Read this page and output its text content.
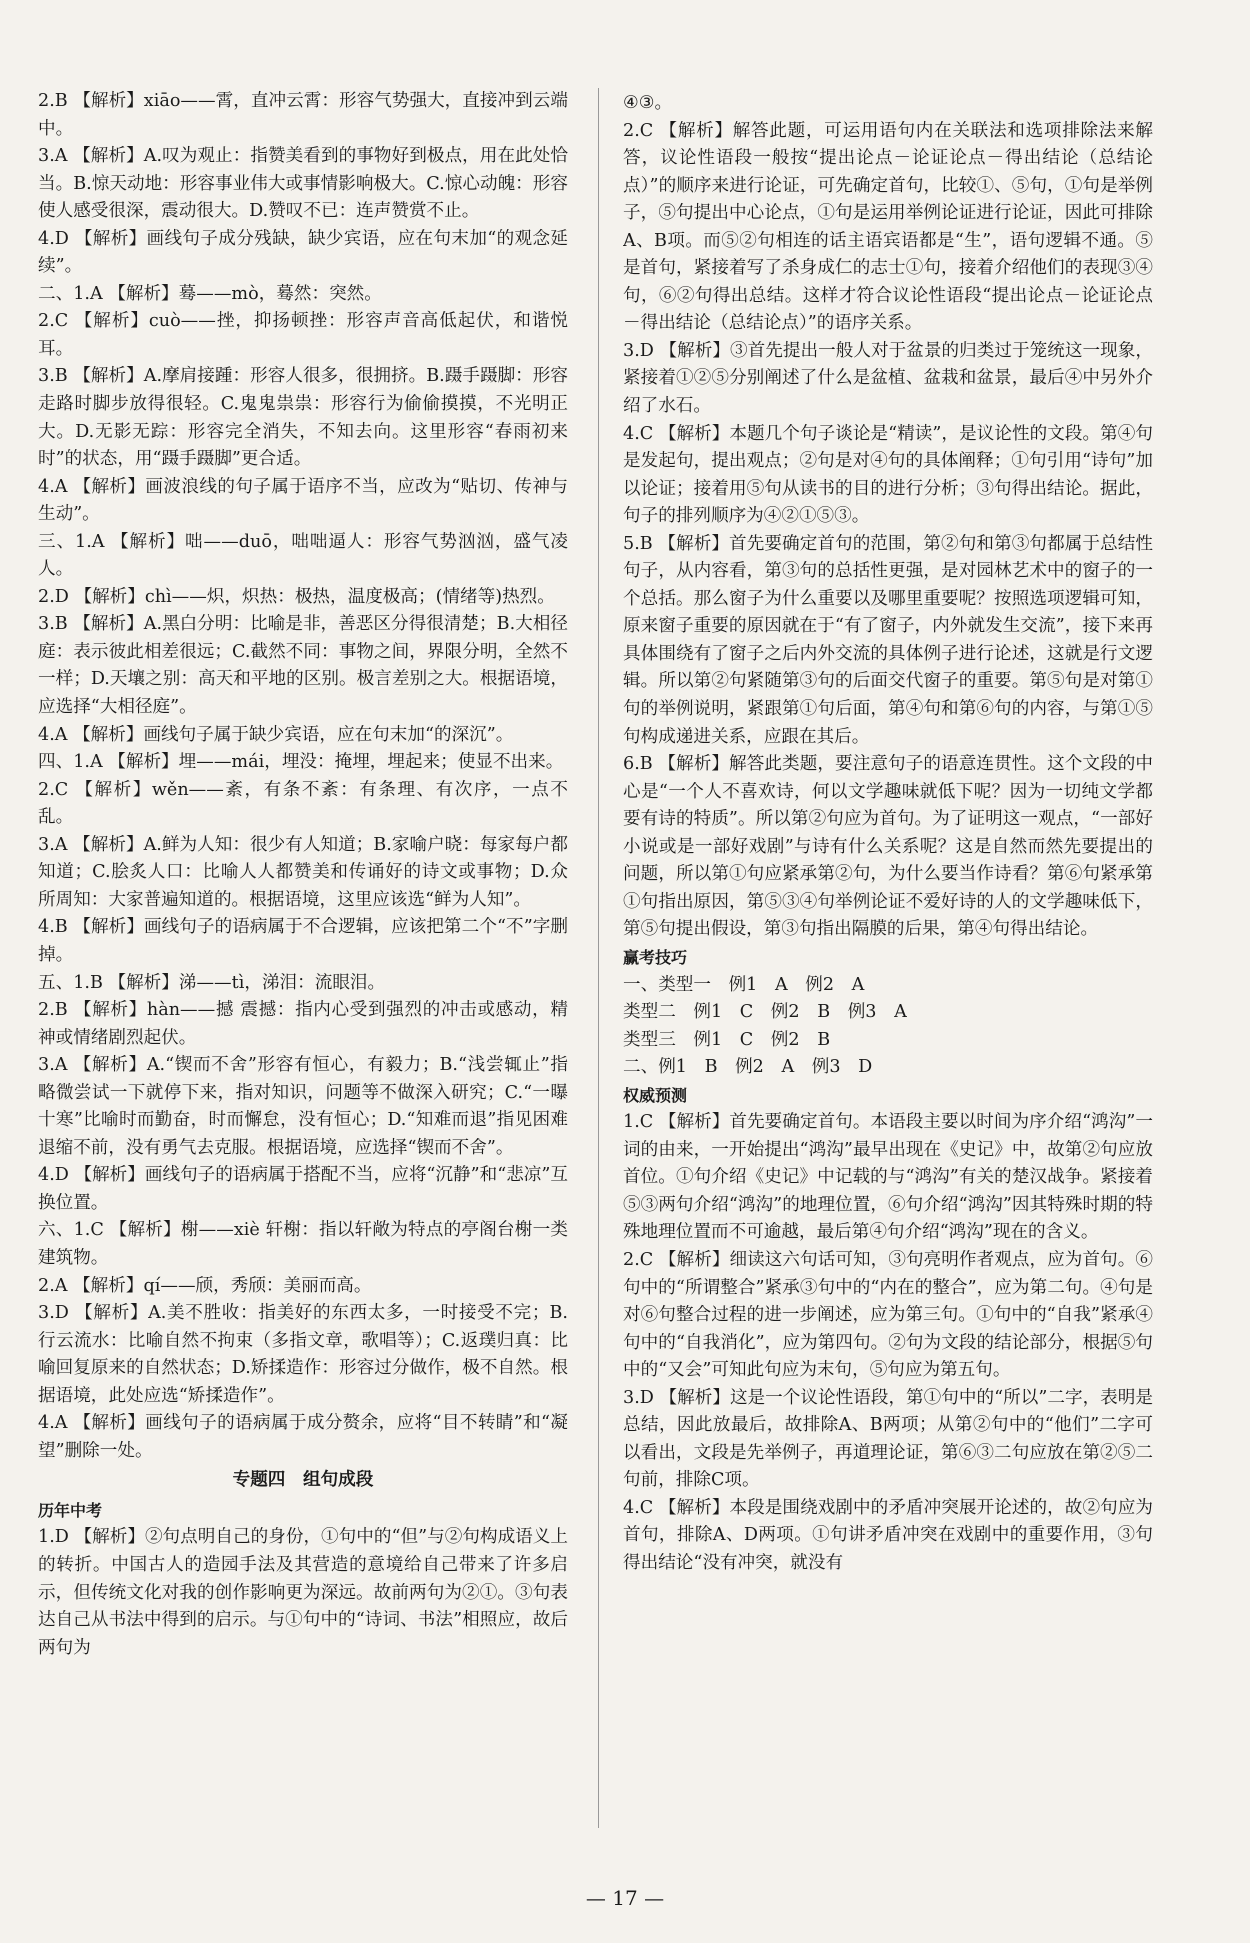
2.B 【解析】xiāo——霄，直冲云霄：形容气势强大，直接冲到云端中。
3.A 【解析】A.叹为观止：指赞美看到的事物好到极点，用在此处恰当。B.惊天动地：形容事业伟大或事情影响极大。C.惊心动魄：形容使人感受很深，震动很大。D.赞叹不已：连声赞赏不止。
4.D 【解析】画线句子成分残缺，缺少宾语，应在句末加“的观念延续”。
二、1.A 【解析】蓦——mò，蓦然：突然。
2.C 【解析】cuò——挫，抑扬顿挫：形容声音高低起伏，和谐悦耳。
3.B 【解析】A.摩肩接踵：形容人很多，很拥挤。B.蹑手蹑脚：形容走路时脚步放得很轻。C.鬼鬼祟祟：形容行为偷偷摸摸，不光明正大。D.无影无踪：形容完全消失，不知去向。这里形容“春雨初来时”的状态，用“蹑手蹑脚”更合适。
4.A 【解析】画波浪线的句子属于语序不当，应改为“贴切、传神与生动”。
三、1.A 【解析】咄——duō，咄咄逼人：形容气势汹汹，盛气凌人。
2.D 【解析】chì——炽，炽热：极热，温度极高；(情绪等)热烈。
3.B 【解析】A.黑白分明：比喻是非，善恶区分得很清楚；B.大相径庭：表示彼此相差很远；C.截然不同：事物之间，界限分明，全然不一样；D.天壤之别：高天和平地的区别。极言差别之大。根据语境，应选择“大相径庭”。
4.A 【解析】画线句子属于缺少宾语，应在句末加“的深沉”。
四、1.A 【解析】埋——mái，埋没：掩埋，埋起来；使显不出来。
2.C 【解析】wěn——紊，有条不紊：有条理、有次序，一点不乱。
3.A 【解析】A.鲜为人知：很少有人知道；B.家喻户晓：每家每户都知道；C.脍炙人口：比喻人人都赞美和传诵好的诗文或事物；D.众所周知：大家普遍知道的。根据语境，这里应该选“鲜为人知”。
4.B 【解析】画线句子的语病属于不合逻辑，应该把第二个“不”字删掉。
五、1.B 【解析】涕——tì，涕泪：流眼泪。
2.B 【解析】hàn——撼 震撼：指内心受到强烈的冲击或感动，精神或情绪剧烈起伏。
3.A 【解析】A.“锲而不舍”形容有恒心，有毅力；B.“浅尝辄止”指略微尝试一下就停下来，指对知识，问题等不做深入研究；C.“一曝十寒”比喻时而勤奋，时而懈怠，没有恒心；D.“知难而退”指见困难退缩不前，没有勇气去克服。根据语境，应选择“锲而不舍”。
4.D 【解析】画线句子的语病属于搭配不当，应将“沉静”和“悲凉”互换位置。
六、1.C 【解析】榭——xiè 轩榭：指以轩敞为特点的亭阁台榭一类建筑物。
2.A 【解析】qí——颀，秀颀：美丽而高。
3.D 【解析】A.美不胜收：指美好的东西太多，一时接受不完；B.行云流水：比喻自然不拘束（多指文章，歌唱等）；C.返璞归真：比喻回复原来的自然状态；D.矫揉造作：形容过分做作，极不自然。根据语境，此处应选“矫揉造作”。
4.A 【解析】画线句子的语病属于成分赘余，应将“目不转睛”和“凝望”删除一处。
专题四　组句成段
历年中考
1.D 【解析】②句点明自己的身份，①句中的“但”与②句构成语义上的转折。中国古人的造园手法及其营造的意境给自己带来了许多启示，但传统文化对我的创作影响更为深远。故前两句为②①。③句表达自己从书法中得到的启示。与①句中的“诗词、书法”相照应，故后两句为
④③。
2.C 【解析】解答此题，可运用语句内在关联法和选项排除法来解答，议论性语段一般按“提出论点－论证论点－得出结论（总结论点）”的顺序来进行论证，可先确定首句，比较①、⑤句，①句是举例子，⑤句提出中心论点，①句是运用举例论证进行论证，因此可排除A、B项。而⑤②句相连的话主语宾语都是“生”，语句逻辑不通。⑤是首句，紧接着写了杀身成仁的志士①句，接着介绍他们的表现③④句，⑥②句得出总结。这样才符合议论性语段“提出论点－论证论点－得出结论（总结论点）”的语序关系。
3.D 【解析】③首先提出一般人对于盆景的归类过于笼统这一现象，紧接着①②⑤分别阐述了什么是盆植、盆栽和盆景，最后④中另外介绍了水石。
4.C 【解析】本题几个句子谈论是“精读”，是议论性的文段。第④句是发起句，提出观点；②句是对④句的具体阐释；①句引用“诗句”加以论证；接着用⑤句从读书的目的进行分析；③句得出结论。据此，句子的排列顺序为④②①⑤③。
5.B 【解析】首先要确定首句的范围，第②句和第③句都属于总结性句子，从内容看，第③句的总括性更强，是对园林艺术中的窗子的一个总括。那么窗子为什么重要以及哪里重要呢？按照选项逻辑可知，原来窗子重要的原因就在于“有了窗子，内外就发生交流”，接下来再具体围绕有了窗子之后内外交流的具体例子进行论述，这就是行文逻辑。所以第②句紧随第③句的后面交代窗子的重要。第⑤句是对第①句的举例说明，紧跟第①句后面，第④句和第⑥句的内容，与第①⑤句构成递进关系，应跟在其后。
6.B 【解析】解答此类题，要注意句子的语意连贯性。这个文段的中心是“一个人不喜欢诗，何以文学趣味就低下呢？因为一切纯文学都要有诗的特质”。所以第②句应为首句。为了证明这一观点，“一部好小说或是一部好戏剧”与诗有什么关系呢？这是自然而然先要提出的问题，所以第①句应紧承第②句，为什么要当作诗看？第⑥句紧承第①句指出原因，第⑤③④句举例论证不爱好诗的人的文学趣味低下，第⑤句提出假设，第③句指出隔膜的后果，第④句得出结论。
赢考技巧
一、类型一　例1　A　例2　A
类型二　例1　C　例2　B　例3　A
类型三　例1　C　例2　B
二、例1　B　例2　A　例3　D
权威预测
1.C 【解析】首先要确定首句。本语段主要以时间为序介绍“鸿沟”一词的由来，一开始提出“鸿沟”最早出现在《史记》中，故第②句应放首位。①句介绍《史记》中记载的与“鸿沟”有关的楚汉战争。紧接着⑤③两句介绍“鸿沟”的地理位置，⑥句介绍“鸿沟”因其特殊时期的特殊地理位置而不可逾越，最后第④句介绍“鸿沟”现在的含义。
2.C 【解析】细读这六句话可知，③句亮明作者观点，应为首句。⑥句中的“所谓整合”紧承③句中的“内在的整合”，应为第二句。④句是对⑥句整合过程的进一步阐述，应为第三句。①句中的“自我”紧承④句中的“自我消化”，应为第四句。②句为文段的结论部分，根据⑤句中的“又会”可知此句应为末句，⑤句应为第五句。
3.D 【解析】这是一个议论性语段，第①句中的“所以”二字，表明是总结，因此放最后，故排除A、B两项；从第②句中的“他们”二字可以看出，文段是先举例子，再道理论证，第⑥③二句应放在第②⑤二句前，排除C项。
4.C 【解析】本段是围绕戏剧中的矛盾冲突展开论述的，故②句应为首句，排除A、D两项。①句讲矛盾冲突在戏剧中的重要作用，③句得出结论“没有冲突，就没有
— 17 —
